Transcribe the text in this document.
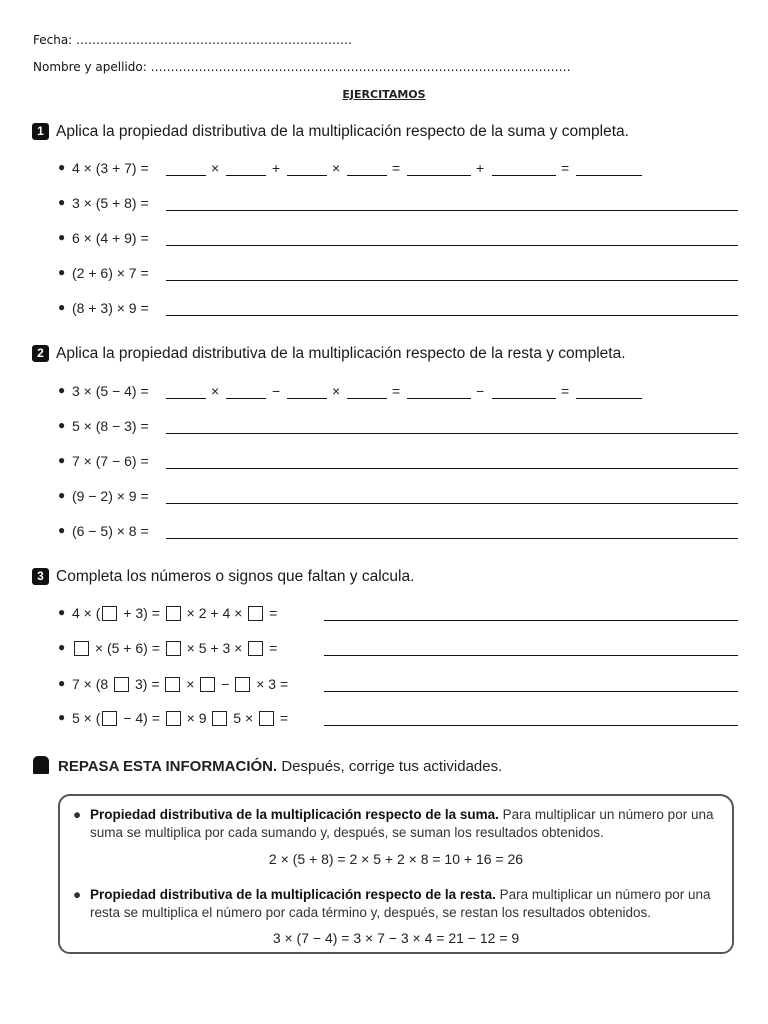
Fecha: ……………………………………………………………
Nombre y apellido: ……………………………………………………………………………………………
EJERCITAMOS
1 Aplica la propiedad distributiva de la multiplicación respecto de la suma y completa.
● 4 × (3 + 7) =	×	+	×	=	+	=
● 3 × (5 + 8) =
● 6 × (4 + 9) =
● (2 + 6) × 7 =
● (8 + 3) × 9 =
2 Aplica la propiedad distributiva de la multiplicación respecto de la resta y completa.
● 3 × (5 − 4) =	×	−	×	=	−	=
● 5 × (8 − 3) =
● 7 × (7 − 6) =
● (9 − 2) × 9 =
● (6 − 5) × 8 =
3 Completa los números o signos que faltan y calcula.
● 4 × ( + 3) =  × 2 + 4 ×  =
●	× (5 + 6) =  × 5 + 3 ×  =
● 7 × (8  3) =  ×  −  × 3 =
● 5 × ( − 4) =  × 9  5 ×  =
REPASA ESTA INFORMACIÓN. Después, corrige tus actividades.
● Propiedad distributiva de la multiplicación respecto de la suma. Para multiplicar un número por una suma se multiplica por cada sumando y, después, se suman los resultados obtenidos.
2 × (5 + 8) = 2 × 5 + 2 × 8 = 10 + 16 = 26
● Propiedad distributiva de la multiplicación respecto de la resta. Para multiplicar un número por una resta se multiplica el número por cada término y, después, se restan los resultados obtenidos.
3 × (7 − 4) = 3 × 7 − 3 × 4 = 21 − 12 = 9
